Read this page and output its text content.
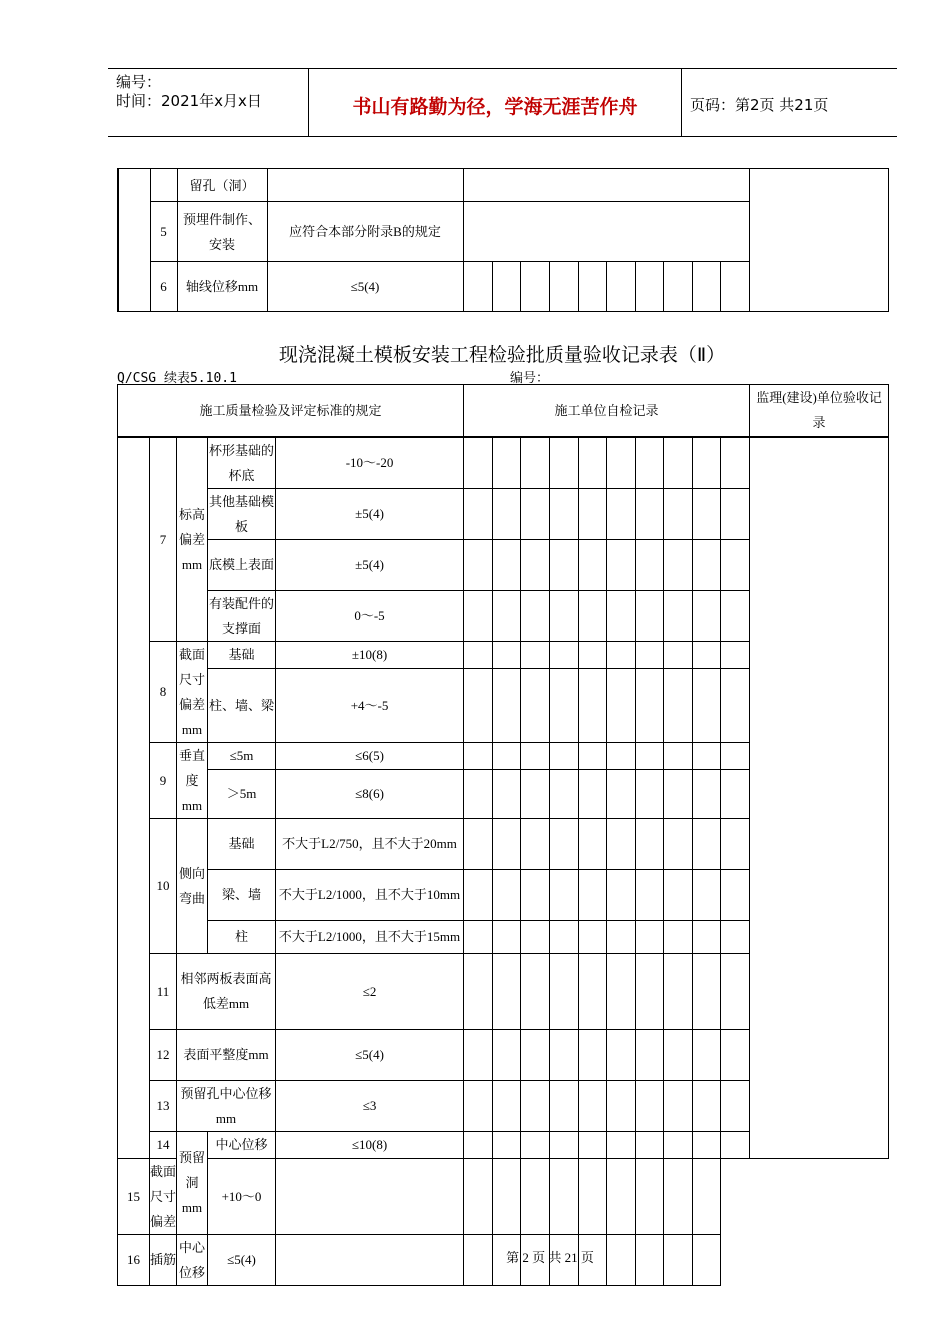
编号：
时间：2021年x月x日	书山有路勤为径，学海无涯苦作舟	页码：第2页 共21页
		留孔（洞）												
	5	预埋件制作、安装	应符合本部分附录B的规定											
	6	轴线位移mm	≤5(4)											
现浇混凝土模板安装工程检验批质量验收记录表（Ⅱ）
Q/CSG 续表5.10.1	编号：
施工质量检验及评定标准的规定					施工单位自检记录										监理(建设)单位验收记录
	7	标高偏差mm	杯形基础的杯底	-10～-20											
			其他基础模板	±5(4)											
			底模上表面	±5(4)											
			有装配件的支撑面	0～-5											
	8	截面尺寸偏差mm	基础	±10(8)											
			柱、墙、梁	+4～-5											
	9	垂直度mm	≤5m	≤6(5)											
			＞5m	≤8(6)											
	10	侧向弯曲	基础	不大于L2/750，且不大于20mm											
			梁、墙	不大于L2/1000，且不大于10mm											
			柱	不大于L2/1000，且不大于15mm											
	11	相邻两板表面高低差mm		≤2											
	12	表面平整度mm		≤5(4)											
	13	预留孔中心位移mm		≤3											
	14	预留洞mm	中心位移	≤10(8)											
15	截面尺寸偏差		+10～0												
16	插筋	中心位移	≤5(4)													第 2 页 共 21 页
